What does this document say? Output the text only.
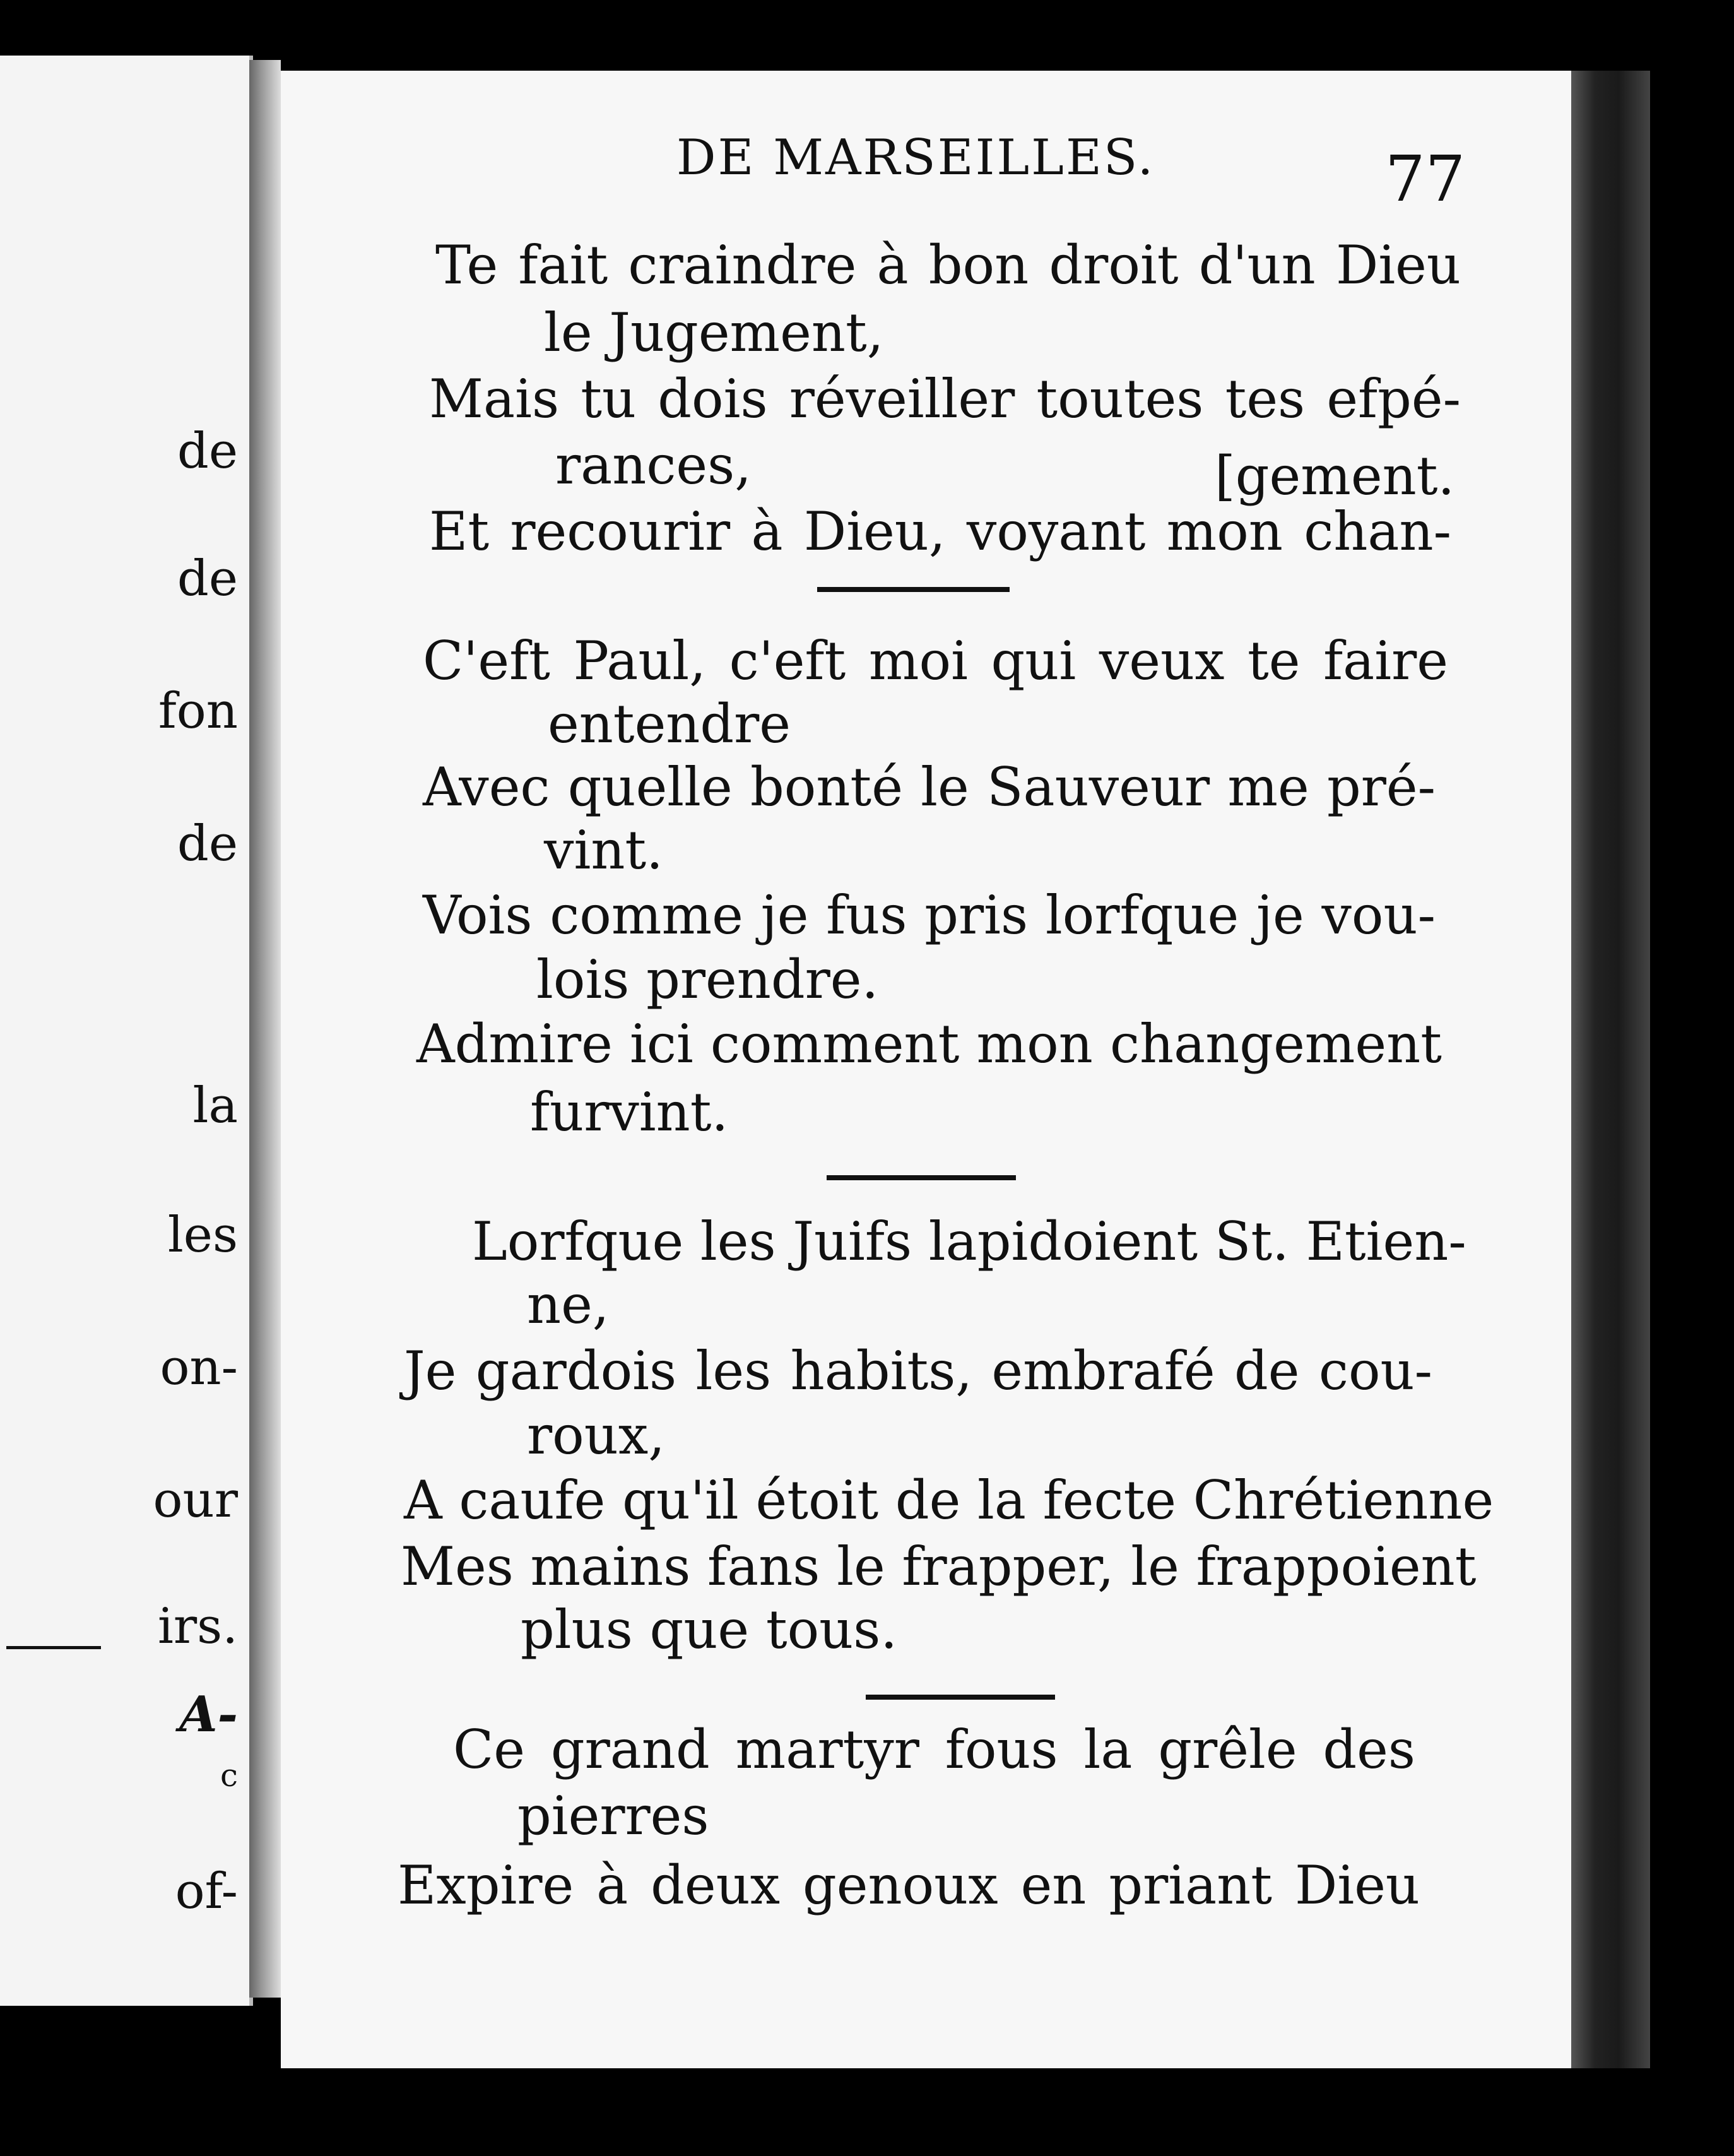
de
de
fon
de
la
les
on-
our
irs.
A-
c
of-
DE MARSEILLES.	77
Te fait craindre à bon droit d'un Dieu
le Jugement,
Mais tu dois réveiller toutes tes efpé-
rances,	[gement.
Et recourir à Dieu, voyant mon chan-
C'eft Paul, c'eft moi qui veux te faire
entendre
Avec quelle bonté le Sauveur me pré-
vint.
Vois comme je fus pris lorfque je vou-
lois prendre.
Admire ici comment mon changement
furvint.
Lorfque les Juifs lapidoient St. Etien-
ne,
Je gardois les habits, embrafé de cou-
roux,
A caufe qu'il étoit de la fecte Chrétienne
Mes mains fans le frapper, le frappoient
plus que tous.
Ce grand martyr fous la grêle des
pierres
Expire à deux genoux en priant Dieu
